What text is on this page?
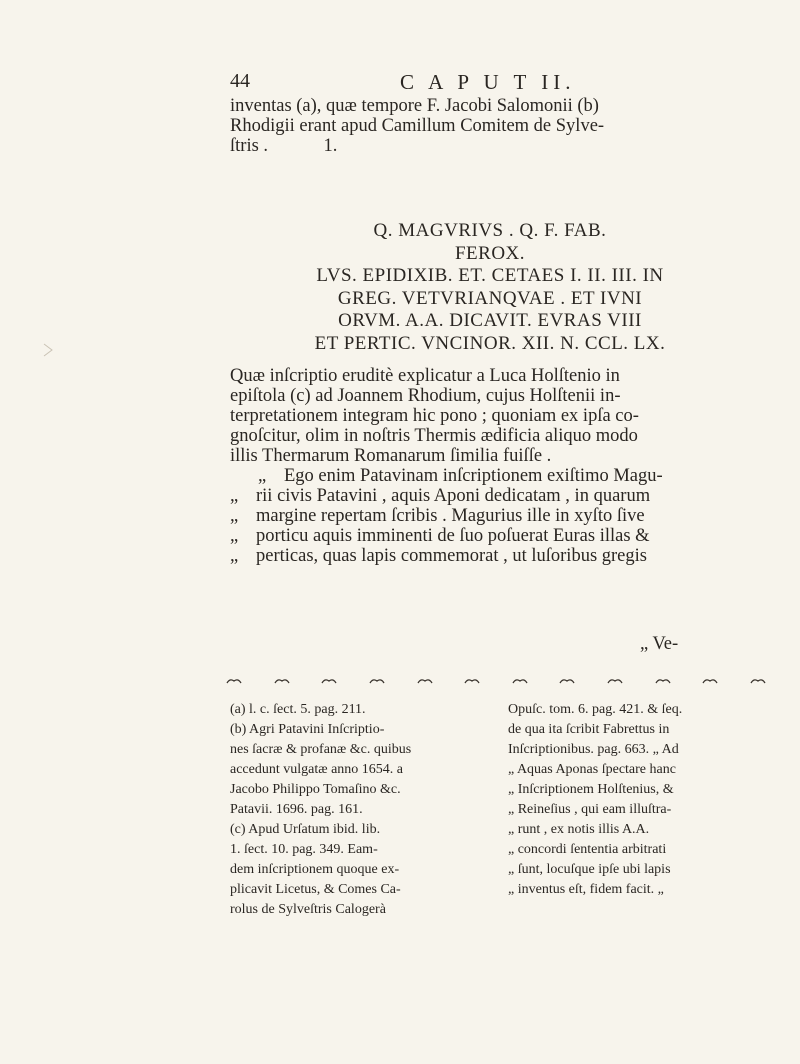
44	C A P U T II.
inventas (a), quæ tempore F. Jacobi Salomonii (b)
Rhodigii erant apud Camillum Comitem de Sylve-
ſtris .            1.
Q. MAGVRIVS . Q. F. FAB.
FEROX.
LVS. EPIDIXIB. ET. CETAES I. II. III. IN
GREG. VETVRIANQVAE . ET IVNI
ORVM. A.A. DICAVIT. EVRAS VIII
ET PERTIC. VNCINOR. XII. N. CCL. LX.
Quæ inſcriptio eruditè explicatur a Luca Holſtenio in
epiſtola (c) ad Joannem Rhodium, cujus Holſtenii in-
terpretationem integram hic pono ; quoniam ex ipſa co-
gnoſcitur, olim in noſtris Thermis ædificia aliquo modo
illis Thermarum Romanarum ſimilia fuiſſe .
„ Ego enim Patavinam inſcriptionem exiſtimo Magu-
„ rii civis Patavini , aquis Aponi dedicatam , in quarum
„ margine repertam ſcribis . Magurius ille in xyſto ſive
„ porticu aquis imminenti de ſuo poſuerat Euras illas &
„ perticas, quas lapis commemorat , ut luſoribus gregis
„ Ve-
(a) l. c. ſect. 5. pag. 211.
(b) Agri Patavini Inſcriptio-
nes ſacræ & profanæ &c. quibus
accedunt vulgatæ anno 1654. a
Jacobo Philippo Tomaſino &c.
Patavii. 1696. pag. 161.
(c) Apud Urſatum ibid. lib.
1. ſect. 10. pag. 349. Eam-
dem inſcriptionem quoque ex-
plicavit Licetus, & Comes Ca-
rolus de Sylveſtris Calogerà
Opuſc. tom. 6. pag. 421. & ſeq.
de qua ita ſcribit Fabrettus in
Inſcriptionibus. pag. 663. „ Ad
„ Aquas Aponas ſpectare hanc
„ Inſcriptionem Holſtenius, &
„ Reineſius , qui eam illuſtra-
„ runt , ex notis illis A.A.
„ concordi ſententia arbitrati
„ ſunt, locuſque ipſe ubi lapis
„ inventus eſt, fidem facit. „
